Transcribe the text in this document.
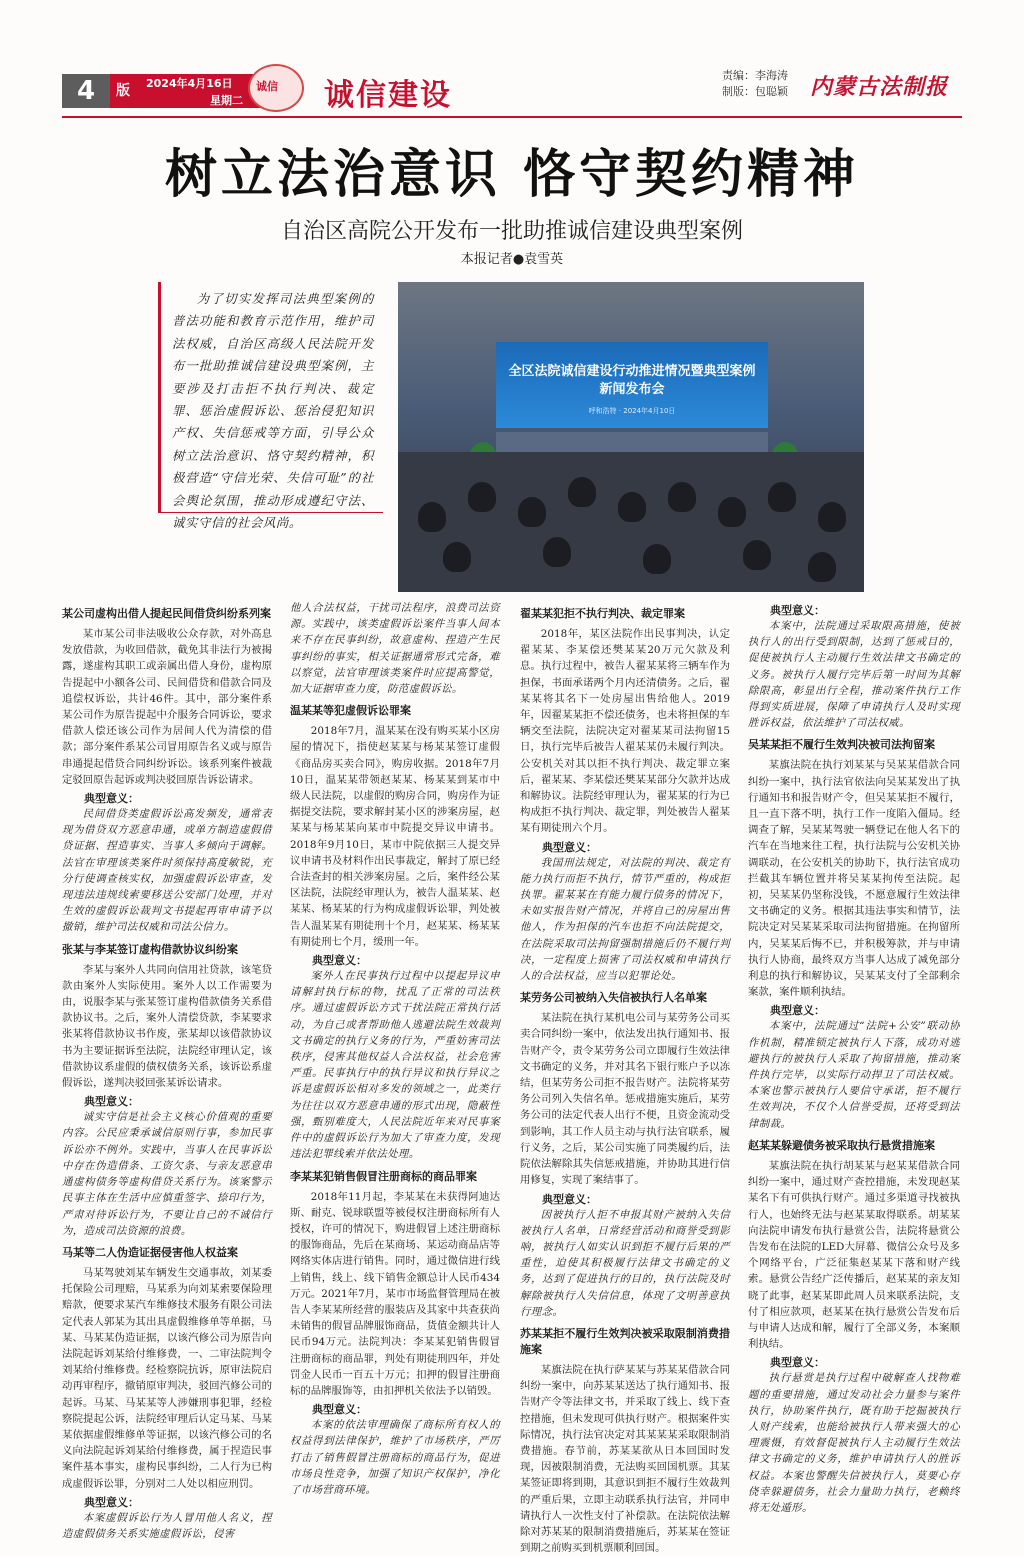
4	版 2024年4月16日
星期二
诚信 诚信建设
责编：李海涛
制版：包聪颖 内蒙古法制报
树立法治意识 恪守契约精神
自治区高院公开发布一批助推诚信建设典型案例
本报记者●袁雪英
为了切实发挥司法典型案例的普法功能和教育示范作用，维护司法权威，自治区高级人民法院开发布一批助推诚信建设典型案例，主要涉及打击拒不执行判决、裁定罪、惩治虚假诉讼、惩治侵犯知识产权、失信惩戒等方面，引导公众树立法治意识、恪守契约精神，积极营造“守信光荣、失信可耻”的社会舆论氛围，推动形成遵纪守法、诚实守信的社会风尚。
全区法院诚信建设行动推进情况暨典型案例
新闻发布会
呼和浩特 · 2024年4月10日
某公司虚构出借人提起民间借贷纠纷系列案

某市某公司非法吸收公众存款，对外高息发放借款，为收回借款，截免其非法行为被揭露，遂虚构其职工或亲属出借人身份，虚构原告提起中小额各公司、民间借贷和借款合同及追偿权诉讼，共计46件。其中，部分案件系某公司作为原告提起中介服务合同诉讼，要求借款人偿还该公司作为居间人代为清偿的借款；部分案件系某公司冒用原告名义或与原告串通提起借贷合同纠纷诉讼。该系列案件被裁定驳回原告起诉或判决驳回原告诉讼请求。

典型意义：

民间借贷类虚假诉讼高发频发，通常表现为借贷双方恶意串通，或单方制造虚假借贷证据、捏造事实、当事人多倾向于调解。法官在审理该类案件时须保持高度敏锐，充分行使调查核实权，加强虚假诉讼审查，发现违法违规线索要移送公安部门处理，并对生效的虚假诉讼裁判文书提起再审申请予以撤销，维护司法权威和司法公信力。

张某与李某签订虚构借款协议纠纷案

李某与案外人共同向信用社贷款，该笔贷款由案外人实际使用。案外人以工作需要为由，说服李某与张某签订虚构借款债务关系借款协议书。之后，案外人清偿贷款，李某要求张某将借款协议书作废，张某却以该借款协议书为主要证据诉至法院，法院经审理认定，该借款协议系虚假的债权债务关系，该诉讼系虚假诉讼，遂判决驳回张某诉讼请求。

典型意义：

诚实守信是社会主义核心价值观的重要内容。公民应秉承诚信原则行事，参加民事诉讼亦不例外。实践中，当事人在民事诉讼中存在伪造借条、工资欠条、与亲友恶意串通虚构债务等虚构借贷关系行为。该案警示民事主体在生活中应慎重签字、捺印行为，严肃对待诉讼行为，不要让自己的不诚信行为，造成司法资源的浪费。

马某等二人伪造证据侵害他人权益案

马某驾驶刘某车辆发生交通事故，刘某委托保险公司理赔，马某系为向刘某索要保险理赔款，便要求某汽车维修技术服务有限公司法定代表人郭某为其出具虚假维修单等单据，马某、马某某伪造证据，以该汽修公司为原告向法院起诉刘某给付维修费，一、二审法院判令刘某给付维修费。经检察院抗诉，原审法院启动再审程序，撤销原审判决，驳回汽修公司的起诉。马某、马某某等人涉嫌刑事犯罪，经检察院提起公诉，法院经审理后认定马某、马某某依据虚假维修单等证据，以该汽修公司的名义向法院起诉刘某给付维修费，属于捏造民事案件基本事实，虚构民事纠纷，二人行为已构成虚假诉讼罪，分别对二人处以相应刑罚。

典型意义：

本案虚假诉讼行为人冒用他人名义，捏造虚假债务关系实施虚假诉讼，侵害

他人合法权益，干扰司法程序，浪费司法资源。实践中，该类虚假诉讼案件当事人间本来不存在民事纠纷，故意虚构、捏造产生民事纠纷的事实，相关证据通常形式完备，难以察觉，法官审理该类案件时应提高警觉，加大证据审查力度，防范虚假诉讼。

温某某等犯虚假诉讼罪案

2018年7月，温某某在没有购买某小区房屋的情况下，指使赵某某与杨某某签订虚假《商品房买卖合同》，购房收据。2018年7月10日，温某某带领赵某某、杨某某到某市中级人民法院，以虚假的购房合同，购房作为证据提交法院，要求解封某小区的涉案房屋，赵某某与杨某某向某市中院提交异议申请书。2018年9月10日，某市中院依据三人提交异议申请书及材料作出民事裁定，解封了原已经合法查封的相关涉案房屋。之后，案件经公某区法院，法院经审理认为，被告人温某某、赵某某、杨某某的行为构成虚假诉讼罪，判处被告人温某某有期徒刑十个月，赵某某、杨某某有期徒刑七个月，缓刑一年。

典型意义：

案外人在民事执行过程中以提起异议申请解封执行标的物，扰乱了正常的司法秩序。通过虚假诉讼方式干扰法院正常执行活动，为自己或者帮助他人逃避法院生效裁判文书确定的执行义务的行为，严重妨害司法秩序，侵害其他权益人合法权益，社会危害严重。民事执行中的执行异议和执行异议之诉是虚假诉讼相对多发的领域之一，此类行为往往以双方恶意串通的形式出现，隐蔽性强，甄别难度大，人民法院近年来对民事案件中的虚假诉讼行为加大了审查力度，发现违法犯罪线索并依法处理。

李某某犯销售假冒注册商标的商品罪案

2018年11月起，李某某在未获得阿迪达斯、耐克、锐球联盟等被侵权注册商标所有人授权，许可的情况下，购进假冒上述注册商标的服饰商品，先后在某商场、某运动商品店等网络实体店进行销售。同时，通过微信进行线上销售，线上、线下销售金额总计人民币434万元。2021年7月，某市市场监督管理局在被告人李某某所经营的服装店及其家中共查获尚未销售的假冒品牌服饰商品，货值金额共计人民币94万元。法院判决：李某某犯销售假冒注册商标的商品罪，判处有期徒刑四年，并处罚金人民币一百五十万元；扣押的假冒注册商标的品牌服饰等，由扣押机关依法予以销毁。

典型意义：

本案的依法审理确保了商标所有权人的权益得到法律保护，维护了市场秩序，严厉打击了销售假冒注册商标的商品行为，促进市场良性竞争，加强了知识产权保护，净化了市场营商环境。

翟某某犯拒不执行判决、裁定罪案

2018年，某区法院作出民事判决，认定翟某某、李某偿还樊某某20万元欠款及利息。执行过程中，被告人翟某某将三辆车作为担保，书面承诺两个月内还清债务。之后，翟某某将其名下一处房屋出售给他人。2019年，因翟某某拒不偿还债务，也未将担保的车辆交至法院，法院决定对翟某某司法拘留15日，执行完毕后被告人翟某某仍未履行判决。公安机关对其以拒不执行判决、裁定罪立案后，翟某某、李某偿还樊某某部分欠款并达成和解协议。法院经审理认为，翟某某的行为已构成拒不执行判决、裁定罪，判处被告人翟某某有期徒刑六个月。

典型意义：

我国刑法规定，对法院的判决、裁定有能力执行而拒不执行，情节严重的，构成拒执罪。翟某某在有能力履行债务的情况下，未如实报告财产情况，并将自己的房屋出售他人，作为担保的汽车也拒不向法院提交，在法院采取司法拘留强制措施后仍不履行判决，一定程度上损害了司法权威和申请执行人的合法权益，应当以犯罪论处。

某劳务公司被纳入失信被执行人名单案

某法院在执行某机电公司与某劳务公司买卖合同纠纷一案中，依法发出执行通知书、报告财产令，责令某劳务公司立即履行生效法律文书确定的义务，并对其名下银行账户予以冻结，但某劳务公司拒不报告财产。法院将某劳务公司列入失信名单。惩戒措施实施后，某劳务公司的法定代表人出行不便，且资金流动受到影响，其工作人员主动与执行法官联系，履行义务，之后，某公司实施了同类履约后，法院依法解除其失信惩戒措施，并协助其进行信用修复，实现了案结事了。

典型意义：

因被执行人拒不申报其财产被纳入失信被执行人名单，日常经营活动和商誉受到影响，被执行人如实认识到拒不履行后果的严重性，迫使其积极履行法律文书确定的义务，达到了促进执行的目的，执行法院及时解除被执行人失信信息，体现了文明善意执行理念。

苏某某拒不履行生效判决被采取限制消费措施案

某旗法院在执行萨某某与苏某某借款合同纠纷一案中，向苏某某送达了执行通知书、报告财产令等法律文书，并采取了线上、线下查控措施，但未发现可供执行财产。根据案件实际情况，执行法官决定对其某某某采取限制消费措施。春节前，苏某某欲从日本回国时发现，因被限制消费，无法购买回国机票。其某某签证即将到期，其意识到拒不履行生效裁判的严重后果，立即主动联系执行法官，并同申请执行人一次性支付了补偿款。在法院依法解除对苏某某的限制消费措施后，苏某某在签证到期之前购买到机票顺利回国。

典型意义：

本案中，法院通过采取限高措施，使被执行人的出行受到限制，达到了惩戒目的，促使被执行人主动履行生效法律文书确定的义务。被执行人履行完毕后第一时间为其解除限高，彰显出行全程，推动案件执行工作得到实质进展，保障了申请执行人及时实现胜诉权益，依法维护了司法权威。

吴某某拒不履行生效判决被司法拘留案

某旗法院在执行刘某某与吴某某借款合同纠纷一案中，执行法官依法向吴某某发出了执行通知书和报告财产令，但吴某某拒不履行，且一直下落不明，执行工作一度陷入僵局。经调查了解，吴某某驾驶一辆登记在他人名下的汽车在当地来往工程，执行法院与公安机关协调联动，在公安机关的协助下，执行法官成功拦截其车辆位置并将吴某某拘传至法院。起初，吴某某仍坚称没钱，不愿意履行生效法律文书确定的义务。根据其违法事实和情节，法院决定对吴某某采取司法拘留措施。在拘留所内，吴某某后悔不已，并积极筹款，并与申请执行人协商，最终双方当事人达成了减免部分利息的执行和解协议，吴某某支付了全部剩余案款，案件顺利执结。

典型意义：

本案中，法院通过“法院+公安”联动协作机制，精准锁定被执行人下落，成功对逃避执行的被执行人采取了拘留措施，推动案件执行完毕，以实际行动捍卫了司法权威。本案也警示被执行人要信守承诺，拒不履行生效判决，不仅个人信誉受损，还将受到法律制裁。

赵某某躲避债务被采取执行悬赏措施案

某旗法院在执行胡某某与赵某某借款合同纠纷一案中，通过财产查控措施，未发现赵某某名下有可供执行财产。通过多渠道寻找被执行人，也始终无法与赵某某取得联系。胡某某向法院申请发布执行悬赏公告，法院将悬赏公告发布在法院的LED大屏幕、微信公众号及多个网络平台，广泛征集赵某某下落和财产线索。悬赏公告经广泛传播后，赵某某的亲友知晓了此事，赵某某即此周人员来联系法院，支付了相应款项，赵某某在执行悬赏公告发布后与申请人达成和解，履行了全部义务，本案顺利执结。

典型意义：

执行悬赏是执行过程中破解查人找物难题的重要措施，通过发动社会力量参与案件执行，协助案件执行，既有助于挖掘被执行人财产线索，也能给被执行人带来强大的心理震慑，有效督促被执行人主动履行生效法律文书确定的义务，维护申请执行人的胜诉权益。本案也警醒失信被执行人，莫要心存侥幸躲避债务，社会力量助力执行，老赖终将无处遁形。
